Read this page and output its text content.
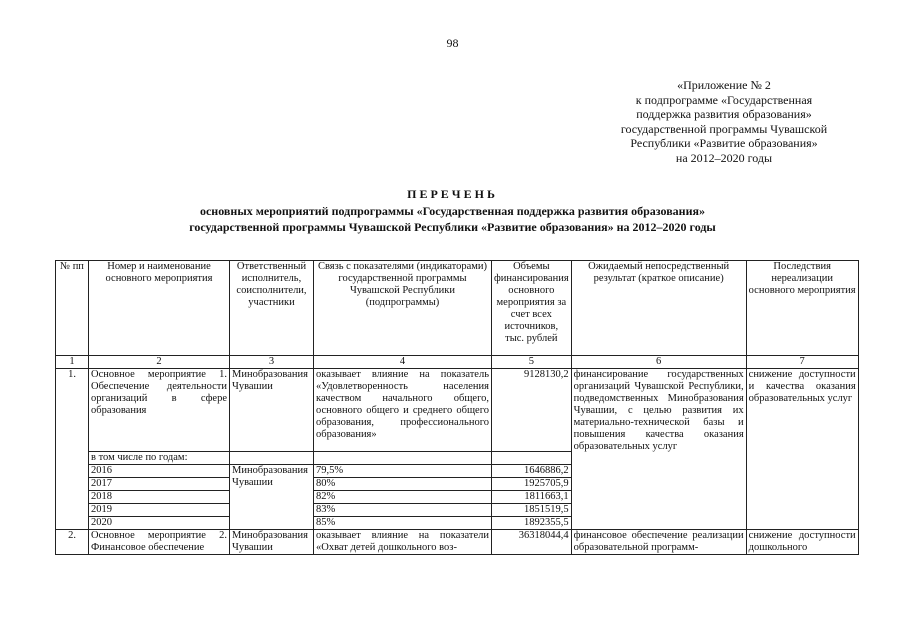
98
«Приложение № 2
к подпрограмме «Государственная
поддержка развития образования»
государственной программы Чувашской
Республики «Развитие образования»
на 2012–2020 годы
ПЕРЕЧЕНЬ
основных мероприятий подпрограммы «Государственная поддержка развития образования»
государственной программы Чувашской Республики «Развитие образования» на 2012–2020 годы
№ пп	Номер и наименование основного мероприятия	Ответственный исполнитель, соисполнители, участники	Связь с показателями (индикаторами) государственной программы Чувашской Республики (подпрограммы)	Объемы финансирования основного мероприятия за счет всех источников, тыс. рублей	Ожидаемый непосредственный результат (краткое описание)	Последствия нереализации основного мероприятия
1	2	3	4	5	6	7
1.	Основное мероприятие 1. Обеспечение деятельности организаций в сфере образования	Минобразования Чувашии	оказывает влияние на показатель «Удовлетворенность населения качеством начального общего, основного общего и среднего общего образования, профессионального образования»	9128130,2	финансирование государственных организаций Чувашской Республики, подведомственных Минобразования Чувашии, с целью развития их материально-технической базы и повышения качества оказания образовательных услуг	снижение доступности и качества оказания образовательных услуг
	в том числе по годам:					
	2016	Минобразования Чувашии	79,5%	1646886,2		
	2017		80%	1925705,9		
	2018		82%	1811663,1		
	2019		83%	1851519,5		
	2020		85%	1892355,5		

2.	Основное мероприятие 2. Финансовое обеспечение	Минобразования Чувашии	оказывает влияние на показатели «Охват детей дошкольного воз-	36318044,4	финансовое обеспечение реализации образовательной программ-	снижение доступности дошкольного
